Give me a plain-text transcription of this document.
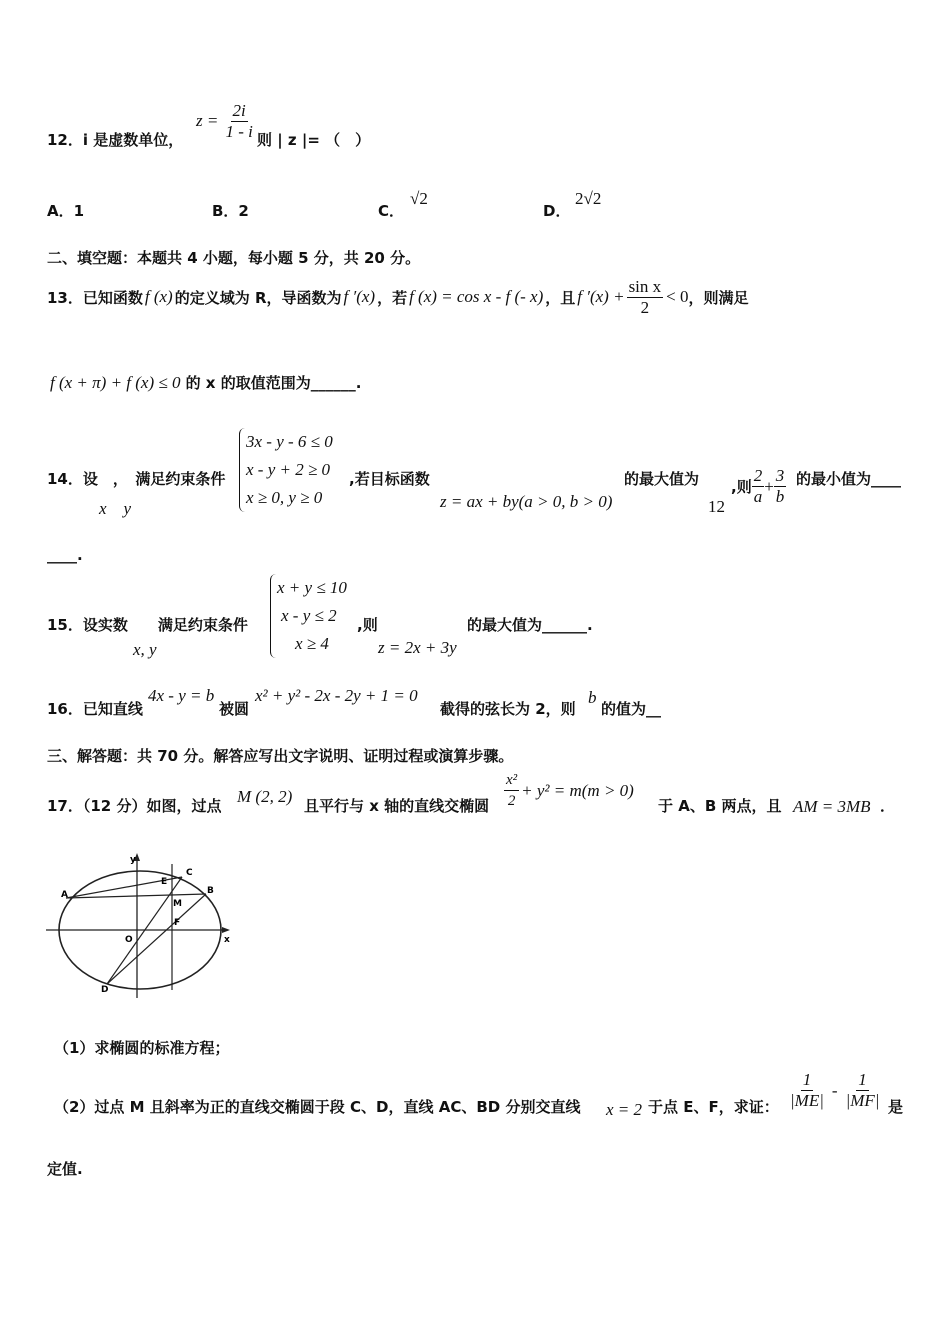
12．i 是虚数单位，
$z = \frac{2i}{1 - i}$ 则 | z |= （　）
A．1	B．2	C．
√2
D．
2√2
二、填空题：本题共 4 小题，每小题 5 分，共 20 分。
13．已知函数 f (x) 的定义域为 R，导函数为 f ′(x) ，若 f (x) = cos x - f (- x) ，且 f $'(x) + \frac{\text{sin x}}{2} < 0$ ，则满足
f (x + π) + f (x) ≤ 0 的 x 的取值范围为______.
14．设　，　满足约束条件
x　y
3x - y - 6 ≤ 0
x - y + 2 ≥ 0
x ≥ 0, y ≥ 0
,若目标函数
z = ax + by(a > 0, b > 0)
的最大值为
12
,则 $\frac{2}{a} + \frac{3}{b}$ 的最小值为____
____.
15．设实数　　满足约束条件
x, y
x + y ≤ 10
x - y ≤ 2
x ≥ 4
,则
z = 2x + 3y
的最大值为______.
16．已知直线
4x - y = b
被圆
x² + y² - 2x - 2y + 1 = 0
截得的弦长为 2，则
b
的值为__
三、解答题：共 70 分。解答应写出文字说明、证明过程或演算步骤。
17．（12 分）如图，过点 M (2, 2) 且平行与 x 轴的直线交椭圆 $\frac{\text{x²}}{2} + y^2 = m(m > 0)$
于 A、B 两点，且 AM = 3MB ．
y
x
O
A	B
C
D
E
M
F
（1）求椭圆的标准方程；
（2）过点 M 且斜率为正的直线交椭圆于段 C、D，直线 AC、BD 分别交直线 x = 2 于点 E、F，求证： $\frac{1}{|ME|} - \frac{1}{|MF|}$ 是
定值.
